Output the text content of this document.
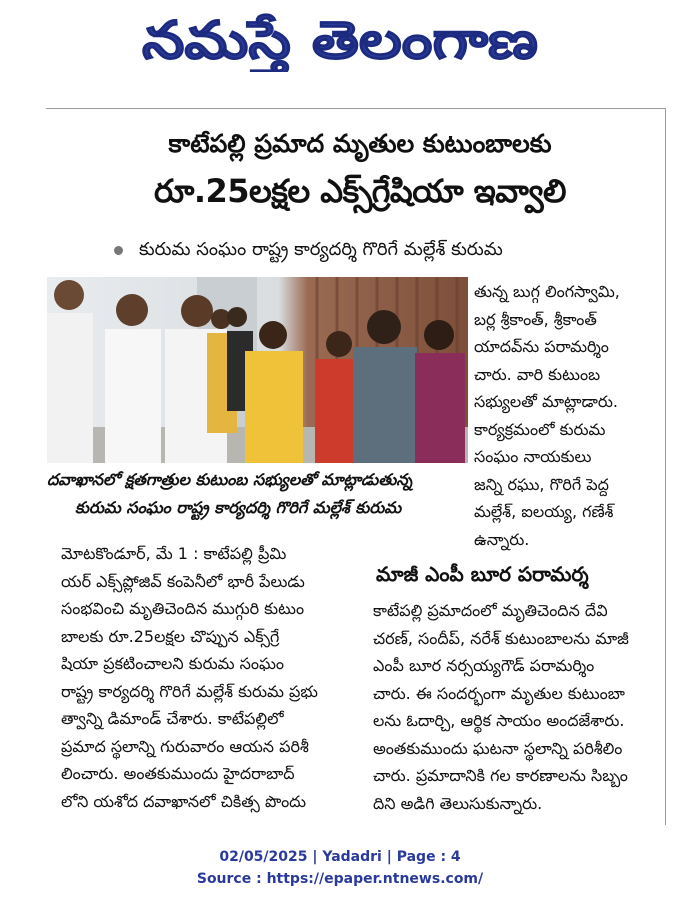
నమస్తే తెలంగాణ
కాటేపల్లి ప్రమాద మృతుల కుటుంబాలకు
రూ.25లక్షల ఎక్స్‌గ్రేషియా ఇవ్వాలి
కురుమ సంఘం రాష్ట్ర కార్యదర్శి గొరిగే మల్లేశ్ కురుమ
దవాఖానలో క్షతగాత్రుల కుటుంబ సభ్యులతో మాట్లాడుతున్న
కురుమ సంఘం రాష్ట్ర కార్యదర్శి గొరిగే మల్లేశ్ కురుమ
తున్న బుగ్గ లింగస్వామి,
బర్ల శ్రీకాంత్, శ్రీకాంత్
యాదవ్‌ను పరామర్శిం
చారు. వారి కుటుంబ
సభ్యులతో మాట్లాడారు.
కార్యక్రమంలో కురుమ
సంఘం నాయకులు
జన్ని రఘు, గొరిగే పెద్ద
మల్లేశ్, ఐలయ్య, గణేశ్
ఉన్నారు.
మోటకొండూర్, మే 1 : కాటేపల్లి ప్రీమి
యర్ ఎక్స్‌ప్లోజివ్ కంపెనీలో భారీ పేలుడు
సంభవించి మృతిచెందిన ముగ్గురి కుటుం
బాలకు రూ.25లక్షల చొప్పున ఎక్స్‌గ్రే
షియా ప్రకటించాలని కురుమ సంఘం
రాష్ట్ర కార్యదర్శి గొరిగే మల్లేశ్ కురుమ ప్రభు
త్వాన్ని డిమాండ్ చేశారు. కాటేపల్లిలో
ప్రమాద స్థలాన్ని గురువారం ఆయన పరిశీ
లించారు. అంతకుముందు హైదరాబాద్
లోని యశోద దవాఖానలో చికిత్స పొందు
మాజీ ఎంపీ బూర పరామర్శ
కాటేపల్లి ప్రమాదంలో మృతిచెందిన దేవి
చరణ్, సందీప్, నరేశ్ కుటుంబాలను మాజీ
ఎంపీ బూర నర్సయ్యగౌడ్ పరామర్శిం
చారు. ఈ సందర్భంగా మృతుల కుటుంబా
లను ఓదార్చి, ఆర్థిక సాయం అందజేశారు.
అంతకుముందు ఘటనా స్థలాన్ని పరిశీలిం
చారు. ప్రమాదానికి గల కారణాలను సిబ్బం
దిని అడిగి తెలుసుకున్నారు.
02/05/2025 | Yadadri | Page : 4
Source : https://epaper.ntnews.com/
